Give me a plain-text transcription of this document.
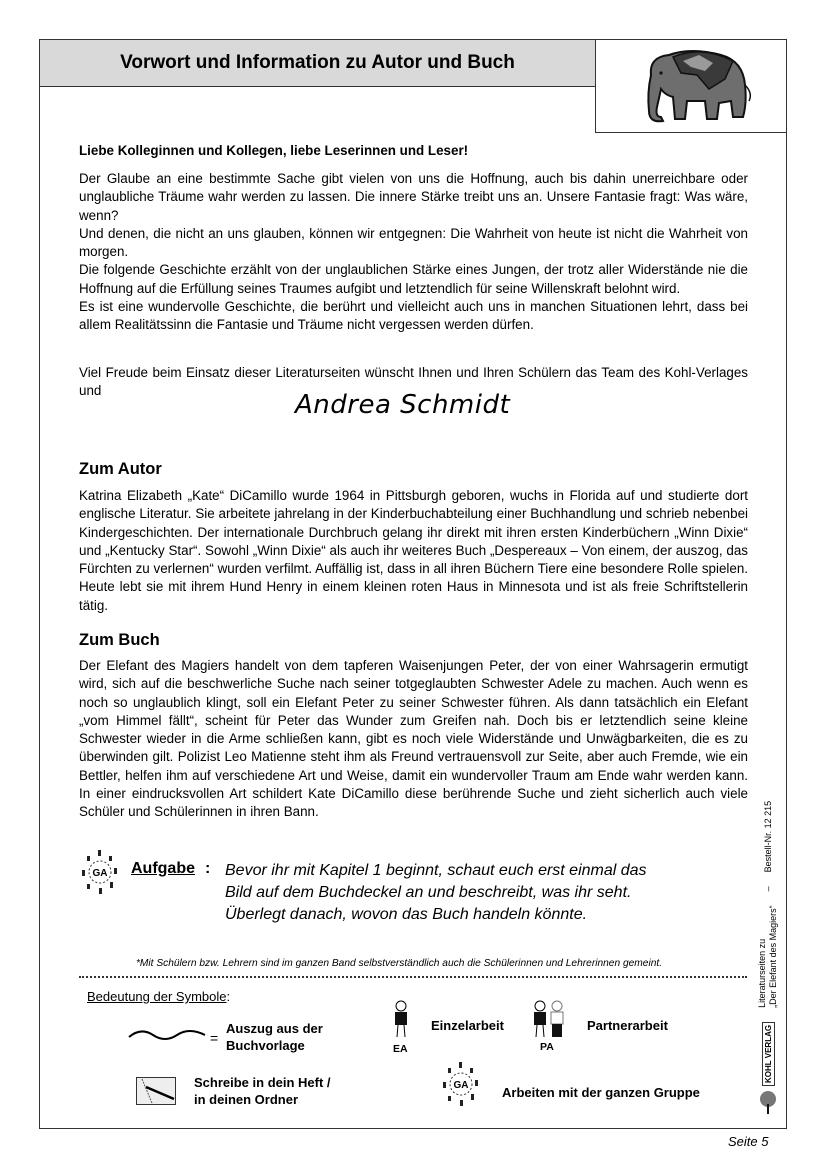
Vorwort und Information zu Autor und Buch
Liebe Kolleginnen und Kollegen, liebe Leserinnen und Leser!

Der Glaube an eine bestimmte Sache gibt vielen von uns die Hoffnung, auch bis dahin unerreichbare oder unglaubliche Träume wahr werden zu lassen. Die innere Stärke treibt uns an. Unsere Fantasie fragt: Was wäre, wenn?

Und denen, die nicht an uns glauben, können wir entgegnen: Die Wahrheit von heute ist nicht die Wahrheit von morgen.

Die folgende Geschichte erzählt von der unglaublichen Stärke eines Jungen, der trotz aller Widerstände nie die Hoffnung auf die Erfüllung seines Traumes aufgibt und letztendlich für seine Willenskraft belohnt wird.

Es ist eine wundervolle Geschichte, die berührt und vielleicht auch uns in manchen Situationen lehrt, dass bei allem Realitätssinn die Fantasie und Träume nicht vergessen werden dürfen.

Viel Freude beim Einsatz dieser Literaturseiten wünscht Ihnen und Ihren Schülern das Team des Kohl-Verlages und	Andrea Schmidt
Zum Autor

Katrina Elizabeth „Kate“ DiCamillo wurde 1964 in Pittsburgh geboren, wuchs in Florida auf und studierte dort englische Literatur. Sie arbeitete jahrelang in der Kinderbuchabteilung einer Buchhandlung und schrieb nebenbei Kindergeschichten. Der internationale Durchbruch gelang ihr direkt mit ihren ersten Kinderbüchern „Winn Dixie“ und „Kentucky Star“. Sowohl „Winn Dixie“ als auch ihr weiteres Buch „Despereaux – Von einem, der auszog, das Fürchten zu verlernen“ wurden verfilmt. Auffällig ist, dass in all ihren Büchern Tiere eine besondere Rolle spielen. Heute lebt sie mit ihrem Hund Henry in einem kleinen roten Haus in Minnesota und ist als freie Schriftstellerin tätig.

Zum Buch

Der Elefant des Magiers handelt von dem tapferen Waisenjungen Peter, der von einer Wahrsagerin ermutigt wird, sich auf die beschwerliche Suche nach seiner totgeglaubten Schwester Adele zu machen. Auch wenn es noch so unglaublich klingt, soll ein Elefant Peter zu seiner Schwester führen. Als dann tatsächlich ein Elefant „vom Himmel fällt“, scheint für Peter das Wunder zum Greifen nah. Doch bis er letztendlich seine kleine Schwester wieder in die Arme schließen kann, gibt es noch viele Widerstände und Unwägbarkeiten, die es zu überwinden gilt. Polizist Leo Matienne steht ihm als Freund vertrauensvoll zur Seite, aber auch Fremde, wie ein Bettler, helfen ihm auf verschiedene Art und Weise, damit ein wundervoller Traum am Ende wahr werden kann. In einer eindrucksvollen Art schildert Kate DiCamillo diese berührende Suche und zieht sicherlich auch viele Schüler und Schülerinnen in ihren Bann.

GA Aufgabe : Bevor ihr mit Kapitel 1 beginnt, schaut euch erst einmal das
Bild auf dem Buchdeckel an und beschreibt, was ihr seht.
Überlegt danach, wovon das Buch handeln könnte.
*Mit Schülern bzw. Lehrern sind im ganzen Band selbstverständlich auch die Schülerinnen und Lehrerinnen gemeint.
Bedeutung der Symbole:
=
Auszug aus der
Buchvorlage	EA
Einzelarbeit
PA
Partnerarbeit
Schreibe in dein Heft /
in deinen Ordner
GA	Arbeiten mit der ganzen Gruppe
KOHL VERLAG
Literaturseiten zu „Der Elefant des Magiers“
–
Bestell-Nr. 12 215
Seite 5
